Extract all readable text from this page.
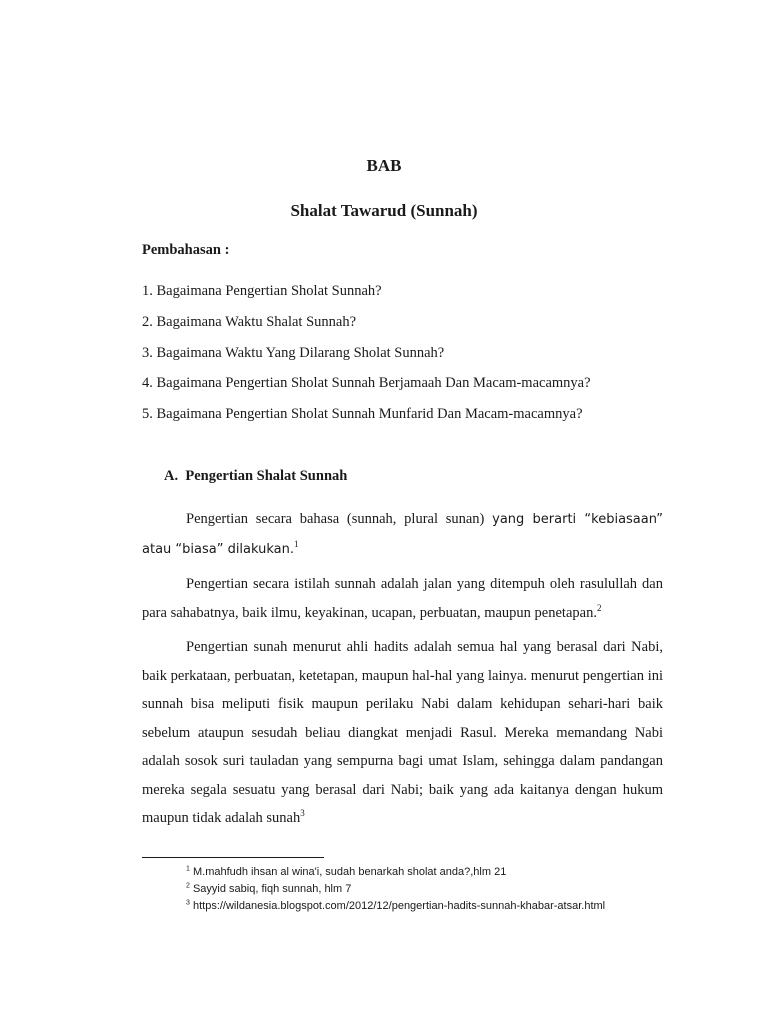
BAB
Shalat Tawarud (Sunnah)
Pembahasan :
1. Bagaimana Pengertian Sholat Sunnah?
2. Bagaimana Waktu Shalat Sunnah?
3. Bagaimana Waktu Yang Dilarang Sholat Sunnah?
4. Bagaimana Pengertian Sholat Sunnah Berjamaah Dan Macam-macamnya?
5. Bagaimana Pengertian Sholat Sunnah Munfarid Dan Macam-macamnya?
A. Pengertian Shalat Sunnah
Pengertian secara bahasa (sunnah, plural sunan) yang berarti “kebiasaan” atau “biasa” dilakukan.$^1$
Pengertian secara istilah sunnah adalah jalan yang ditempuh oleh rasulullah dan para sahabatnya, baik ilmu, keyakinan, ucapan, perbuatan, maupun penetapan.$^2$
Pengertian sunah menurut ahli hadits adalah semua hal yang berasal dari Nabi, baik perkataan, perbuatan, ketetapan, maupun hal-hal yang lainya. menurut pengertian ini sunnah bisa meliputi fisik maupun perilaku Nabi dalam kehidupan sehari-hari baik sebelum ataupun sesudah beliau diangkat menjadi Rasul. Mereka memandang Nabi adalah sosok suri tauladan yang sempurna bagi umat Islam, sehingga dalam pandangan mereka segala sesuatu yang berasal dari Nabi; baik yang ada kaitanya dengan hukum maupun tidak adalah sunah$^3$
$^1$ M.mahfudh ihsan al wina'i, sudah benarkah sholat anda?,hlm 21
$^2$ Sayyid sabiq, fiqh sunnah, hlm 7
$^3$ https://wildanesia.blogspot.com/2012/12/pengertian-hadits-sunnah-khabar-atsar.html
